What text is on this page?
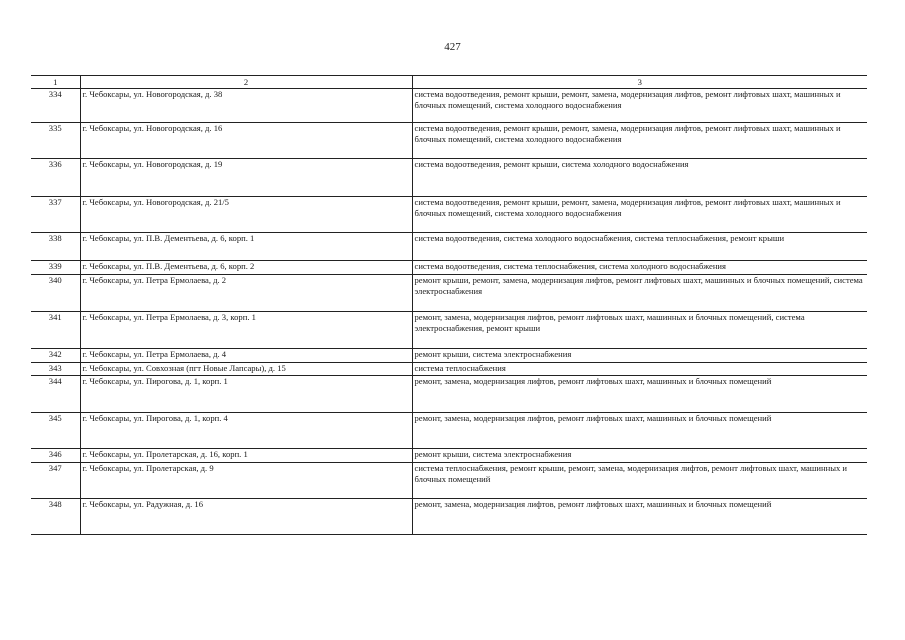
427
1	2	3
334	г. Чебоксары, ул. Новогородская, д. 38	система водоотведения, ремонт крыши, ремонт, замена, модернизация лифтов, ремонт лифтовых шахт, машинных и блочных помещений, система холодного водоснабжения
335	г. Чебоксары, ул. Новогородская, д. 16	система водоотведения, ремонт крыши, ремонт, замена, модернизация лифтов, ремонт лифтовых шахт, машинных и блочных помещений, система холодного водоснабжения
336	г. Чебоксары, ул. Новогородская, д. 19	система водоотведения, ремонт крыши, система холодного водоснабжения
337	г. Чебоксары, ул. Новогородская, д. 21/5	система водоотведения, ремонт крыши, ремонт, замена, модернизация лифтов, ремонт лифтовых шахт, машинных и блочных помещений, система холодного водоснабжения
338	г. Чебоксары, ул. П.В. Дементьева, д. 6, корп. 1	система водоотведения, система холодного водоснабжения, система теплоснабжения, ремонт крыши
339	г. Чебоксары, ул. П.В. Дементьева, д. 6, корп. 2	система водоотведения, система теплоснабжения, система холодного водоснабжения
340	г. Чебоксары, ул. Петра Ермолаева, д. 2	ремонт крыши, ремонт, замена, модернизация лифтов, ремонт лифтовых шахт, машинных и блочных помещений, система электроснабжения
341	г. Чебоксары, ул. Петра Ермолаева, д. 3, корп. 1	ремонт, замена, модернизация лифтов, ремонт лифтовых шахт, машинных и блочных помещений, система электроснабжения, ремонт крыши
342	г. Чебоксары, ул. Петра Ермолаева, д. 4	ремонт крыши, система электроснабжения
343	г. Чебоксары, ул. Совхозная (пгт Новые Лапсары), д. 15	система теплоснабжения
344	г. Чебоксары, ул. Пирогова, д. 1, корп. 1	ремонт, замена, модернизация лифтов, ремонт лифтовых шахт, машинных и блочных помещений
345	г. Чебоксары, ул. Пирогова, д. 1, корп. 4	ремонт, замена, модернизация лифтов, ремонт лифтовых шахт, машинных и блочных помещений
346	г. Чебоксары, ул. Пролетарская, д. 16, корп. 1	ремонт крыши, система электроснабжения
347	г. Чебоксары, ул. Пролетарская, д. 9	система теплоснабжения, ремонт крыши, ремонт, замена, модернизация лифтов, ремонт лифтовых шахт, машинных и блочных помещений
348	г. Чебоксары, ул. Радужная, д. 16	ремонт, замена, модернизация лифтов, ремонт лифтовых шахт, машинных и блочных помещений
